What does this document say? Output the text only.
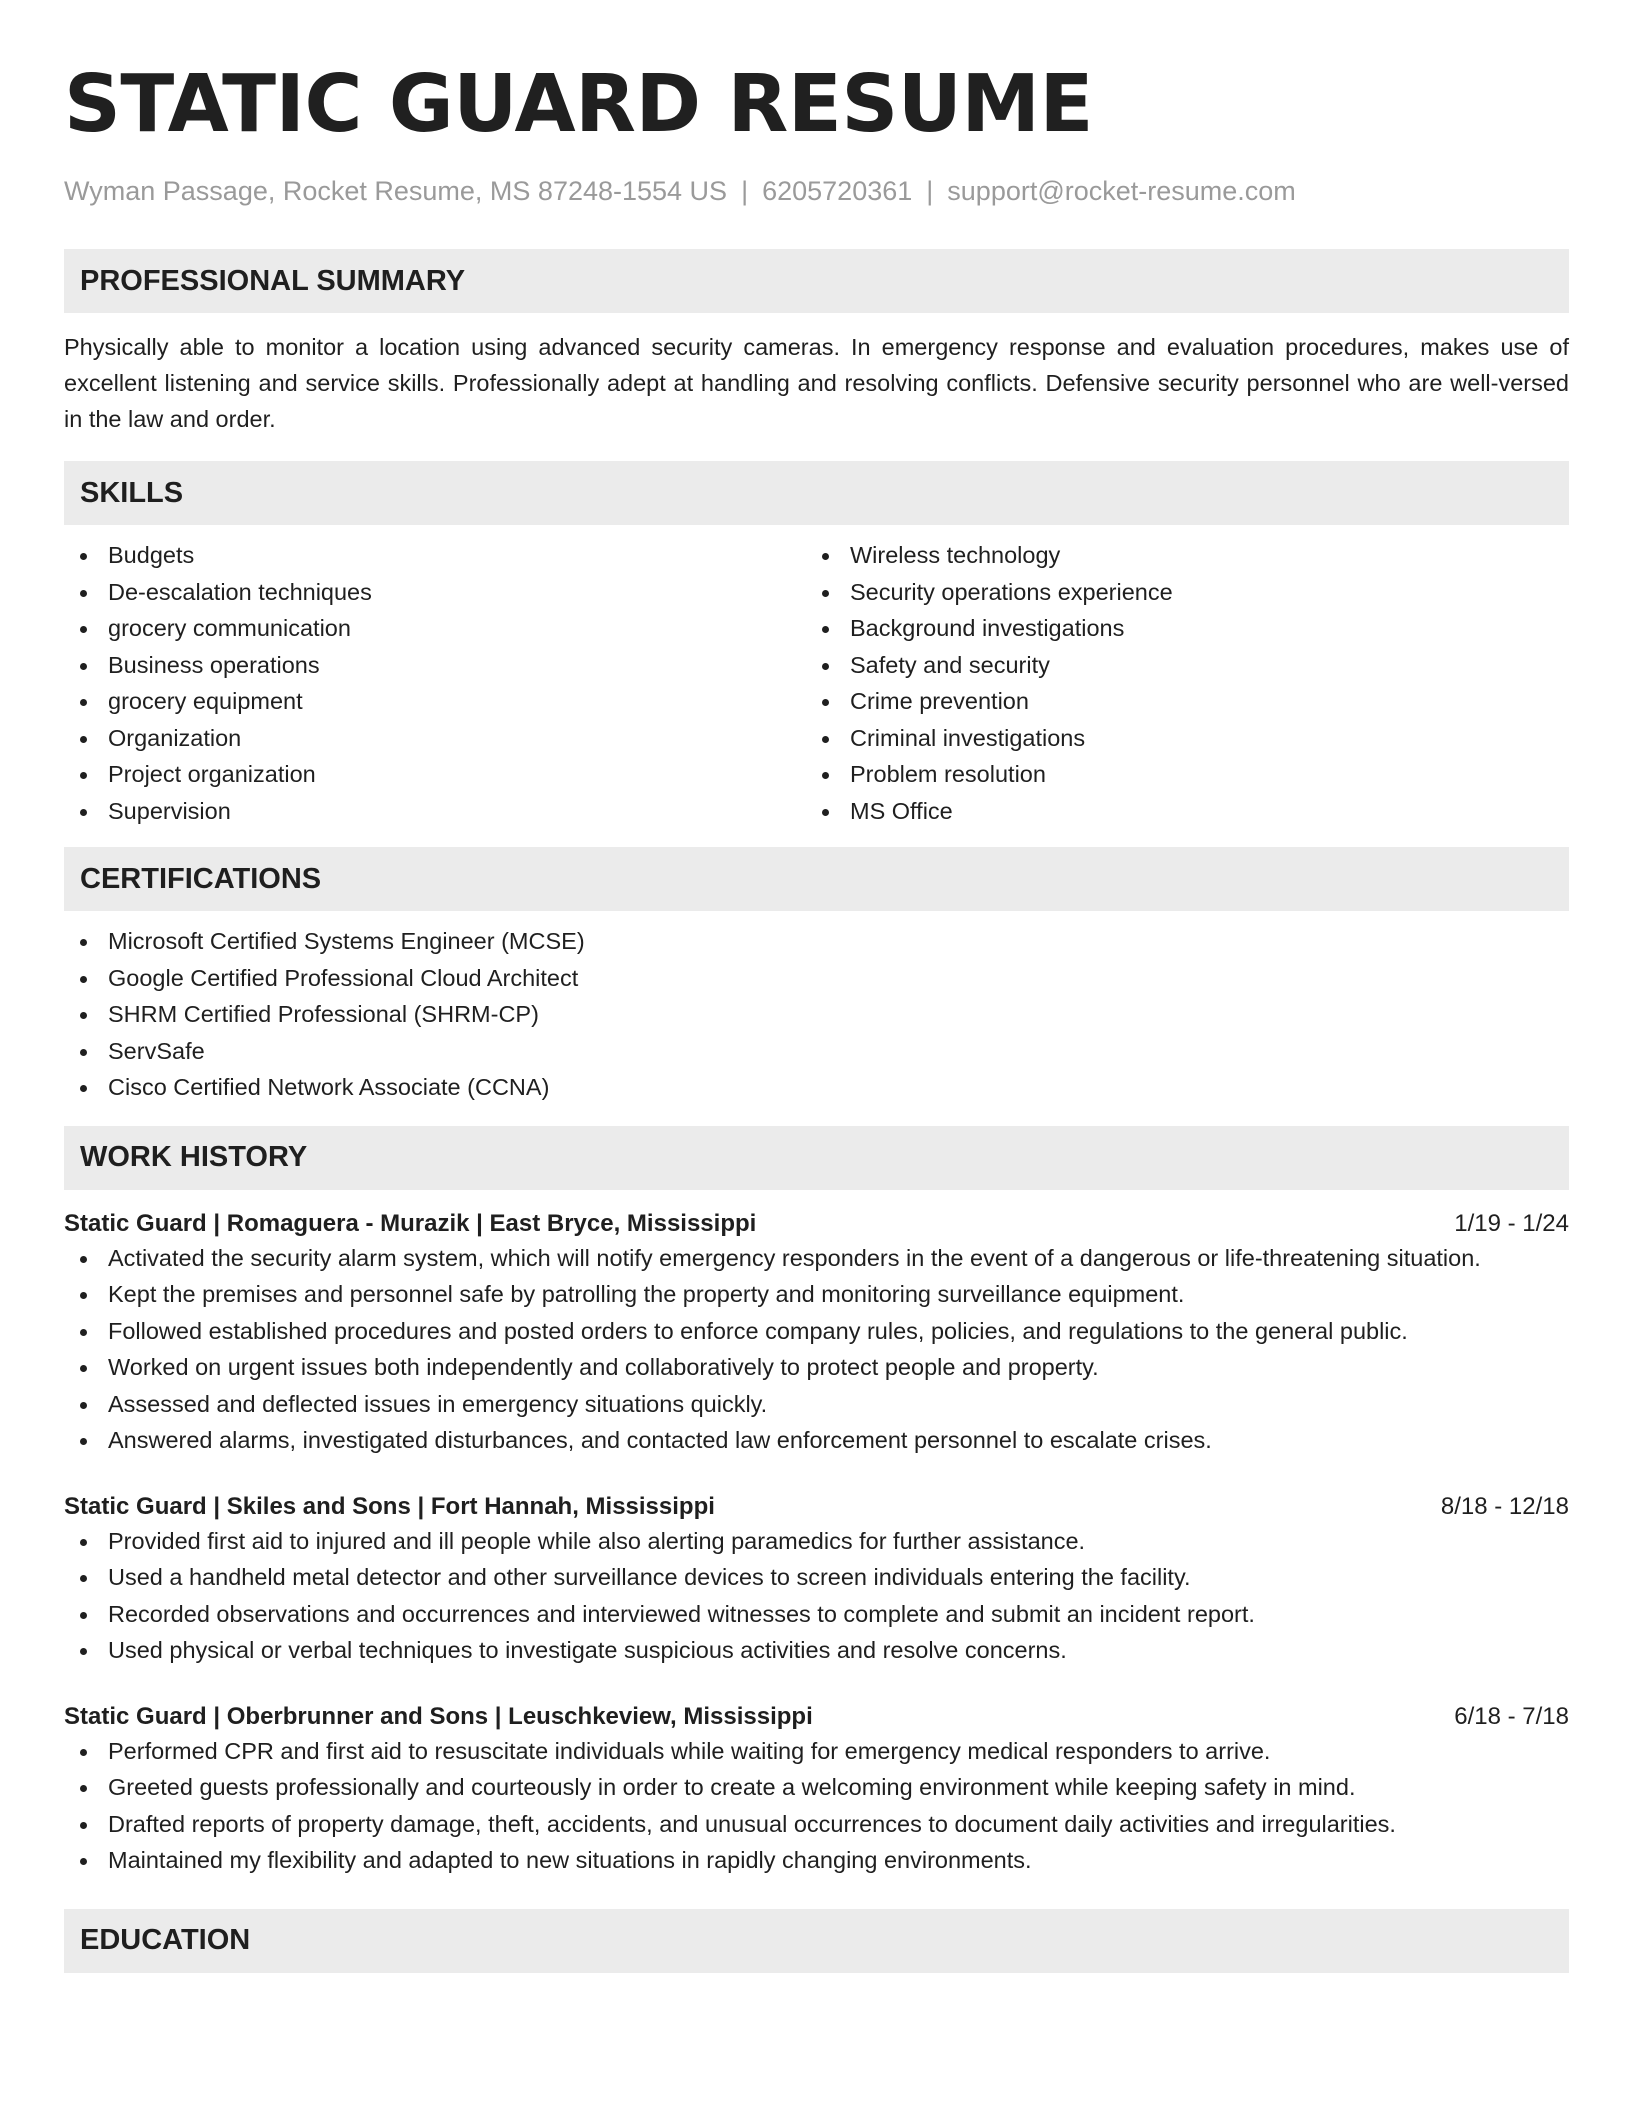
STATIC GUARD RESUME
Wyman Passage, Rocket Resume, MS 87248-1554 US | 6205720361 | support@rocket-resume.com
PROFESSIONAL SUMMARY

Physically able to monitor a location using advanced security cameras. In emergency response and evaluation procedures, makes use of excellent listening and service skills. Professionally adept at handling and resolving conflicts. Defensive security personnel who are well-versed in the law and order.

SKILLS
Budgets
De-escalation techniques
grocery communication
Business operations
grocery equipment
Organization
Project organization
Supervision
Wireless technology
Security operations experience
Background investigations
Safety and security
Crime prevention
Criminal investigations
Problem resolution
MS Office
CERTIFICATIONS
Microsoft Certified Systems Engineer (MCSE)
Google Certified Professional Cloud Architect
SHRM Certified Professional (SHRM-CP)
ServSafe
Cisco Certified Network Associate (CCNA)
WORK HISTORY
Static Guard | Romaguera - Murazik | East Bryce, Mississippi	1/19 - 1/24
Activated the security alarm system, which will notify emergency responders in the event of a dangerous or life-threatening situation.
Kept the premises and personnel safe by patrolling the property and monitoring surveillance equipment.
Followed established procedures and posted orders to enforce company rules, policies, and regulations to the general public.
Worked on urgent issues both independently and collaboratively to protect people and property.
Assessed and deflected issues in emergency situations quickly.
Answered alarms, investigated disturbances, and contacted law enforcement personnel to escalate crises.
Static Guard | Skiles and Sons | Fort Hannah, Mississippi	8/18 - 12/18
Provided first aid to injured and ill people while also alerting paramedics for further assistance.
Used a handheld metal detector and other surveillance devices to screen individuals entering the facility.
Recorded observations and occurrences and interviewed witnesses to complete and submit an incident report.
Used physical or verbal techniques to investigate suspicious activities and resolve concerns.
Static Guard | Oberbrunner and Sons | Leuschkeview, Mississippi	6/18 - 7/18
Performed CPR and first aid to resuscitate individuals while waiting for emergency medical responders to arrive.
Greeted guests professionally and courteously in order to create a welcoming environment while keeping safety in mind.
Drafted reports of property damage, theft, accidents, and unusual occurrences to document daily activities and irregularities.
Maintained my flexibility and adapted to new situations in rapidly changing environments.
EDUCATION
